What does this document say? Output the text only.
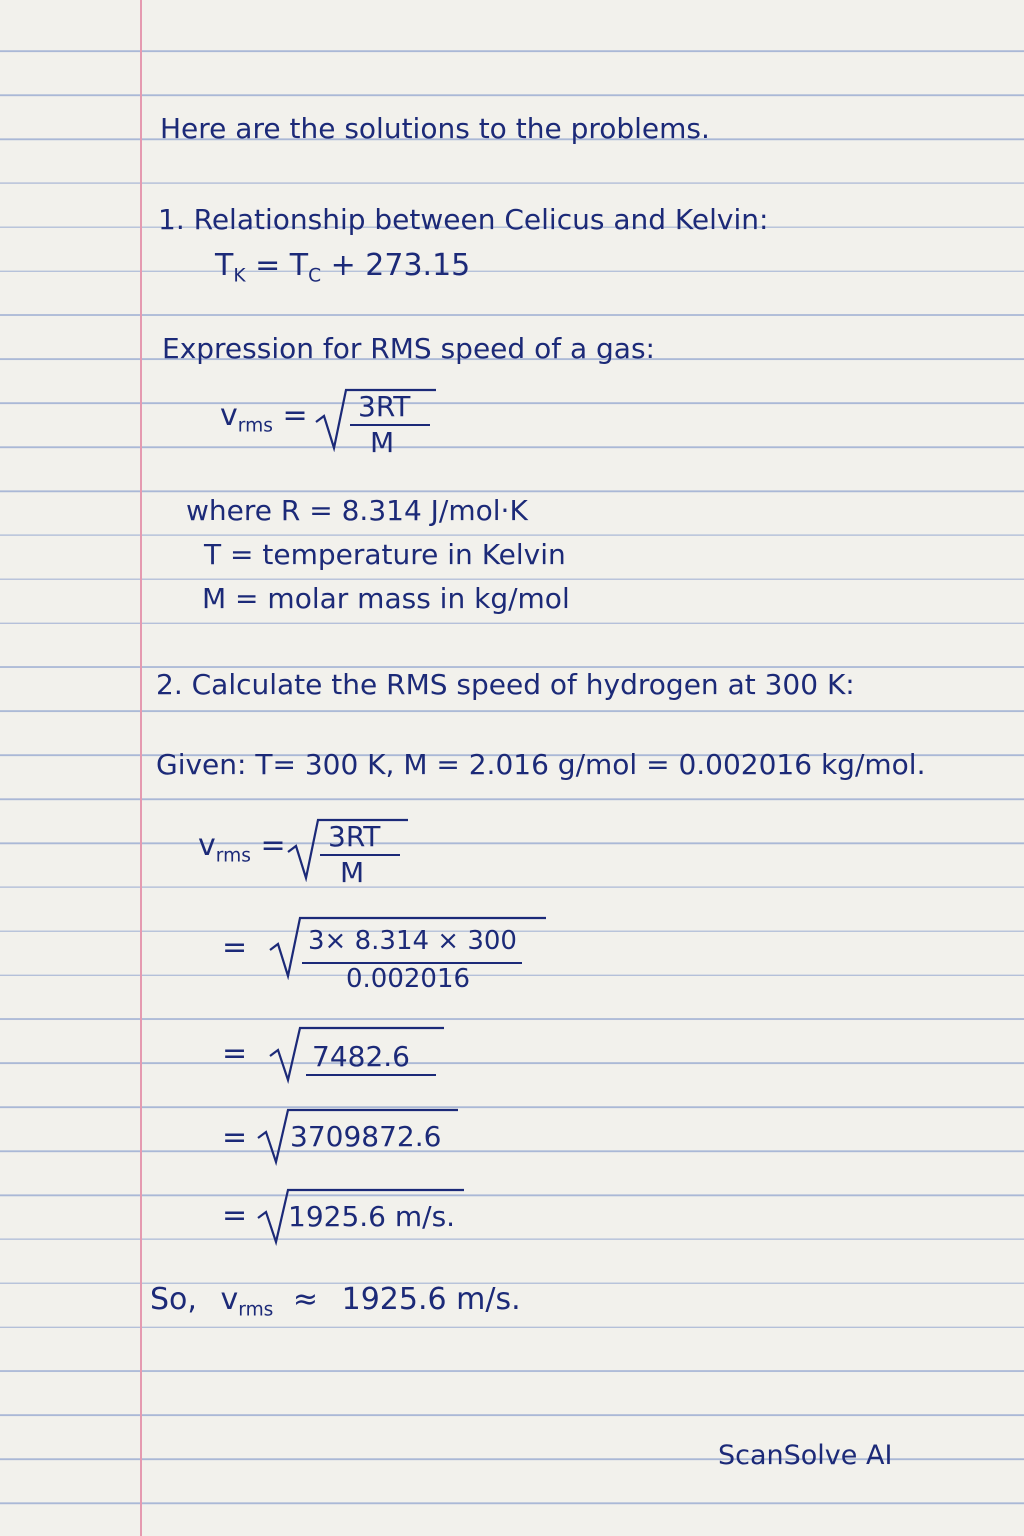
Here are the solutions to the problems.
1. Relationship between Celicus and Kelvin:
$T_K = T_C + 273.15$
Expression for RMS speed of a gas:
$v_{rms} = 3RT$
M
where R = 8.314 J/mol·K
T = temperature in Kelvin
M = molar mass in kg/mol
2. Calculate the RMS speed of hydrogen at 300 K:
Given: T= 300 K, M = 2.016 g/mol = 0.002016 kg/mol.
$v_{rms} = 3RT$
M
= 3× 8.314 × 300
0.002016
= 7482.6
= 3709872.6
= 1925.6 m/s.
So, $v_{rms} \approx 1925.6$ m/s.
ScanSolve AI
